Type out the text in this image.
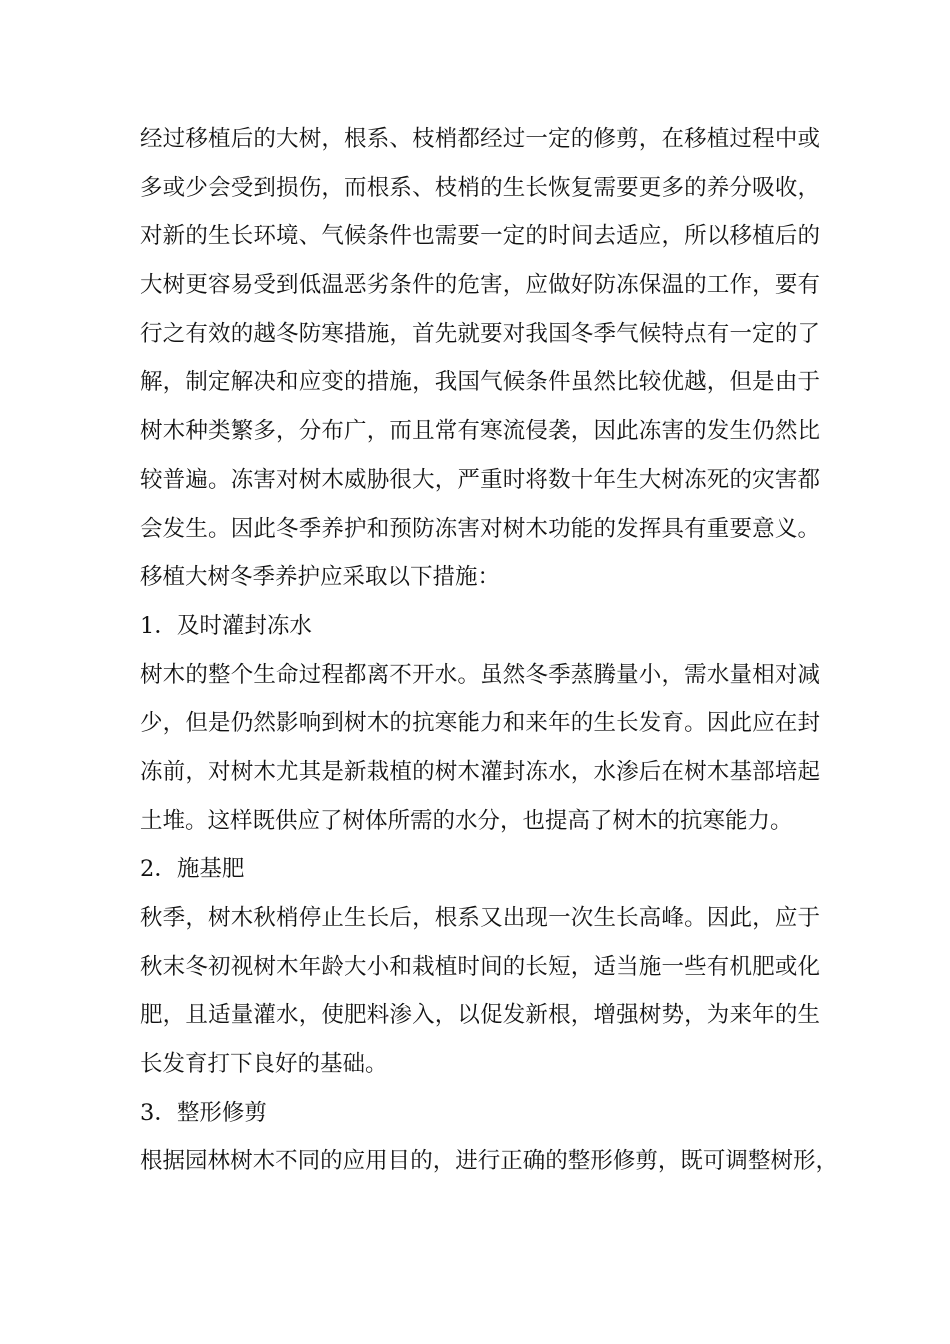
经 过 移 植 后 的 大 树 ， 根 系 、 枝 梢 都 经 过 一 定 的 修 剪 ， 在 移 植 过 程 中 或
多 或 少 会 受 到 损 伤 ， 而 根 系 、 枝 梢 的 生 长 恢 复 需 要 更 多 的 养 分 吸 收 ，
对 新 的 生 长 环 境 、 气 候 条 件 也 需 要 一 定 的 时 间 去 适 应 ， 所 以 移 植 后 的
大 树 更 容 易 受 到 低 温 恶 劣 条 件 的 危 害 ， 应 做 好 防 冻 保 温 的 工 作 ， 要 有
行 之 有 效 的 越 冬 防 寒 措 施 ， 首 先 就 要 对 我 国 冬 季 气 候 特 点 有 一 定 的 了
解 ， 制 定 解 决 和 应 变 的 措 施 ， 我 国 气 候 条 件 虽 然 比 较 优 越 ， 但 是 由 于
树 木 种 类 繁 多 ， 分 布 广 ， 而 且 常 有 寒 流 侵 袭 ， 因 此 冻 害 的 发 生 仍 然 比
较 普 遍 。 冻 害 对 树 木 威 胁 很 大 ， 严 重 时 将 数 十 年 生 大 树 冻 死 的 灾 害 都
会 发 生 。 因 此 冬 季 养 护 和 预 防 冻 害 对 树 木 功 能 的 发 挥 具 有 重 要 意 义 。
移植大树冬季养护应采取以下措施：
1．及时灌封冻水
树 木 的 整 个 生 命 过 程 都 离 不 开 水 。 虽 然 冬 季 蒸 腾 量 小 ， 需 水 量 相 对 减
少 ， 但 是 仍 然 影 响 到 树 木 的 抗 寒 能 力 和 来 年 的 生 长 发 育 。 因 此 应 在 封
冻 前 ， 对 树 木 尤 其 是 新 栽 植 的 树 木 灌 封 冻 水 ， 水 渗 后 在 树 木 基 部 培 起
土堆。这样既供应了树体所需的水分，也提高了树木的抗寒能力。
2．施基肥
秋 季 ， 树 木 秋 梢 停 止 生 长 后 ， 根 系 又 出 现 一 次 生 长 高 峰 。 因 此 ， 应 于
秋 末 冬 初 视 树 木 年 龄 大 小 和 栽 植 时 间 的 长 短 ， 适 当 施 一 些 有 机 肥 或 化
肥 ， 且 适 量 灌 水 ， 使 肥 料 渗 入 ， 以 促 发 新 根 ， 增 强 树 势 ， 为 来 年 的 生
长发育打下良好的基础。
3．整形修剪
根 据 园 林 树 木 不 同 的 应 用 目 的 ， 进 行 正 确 的 整 形 修 剪 ， 既 可 调 整 树 形 ，
